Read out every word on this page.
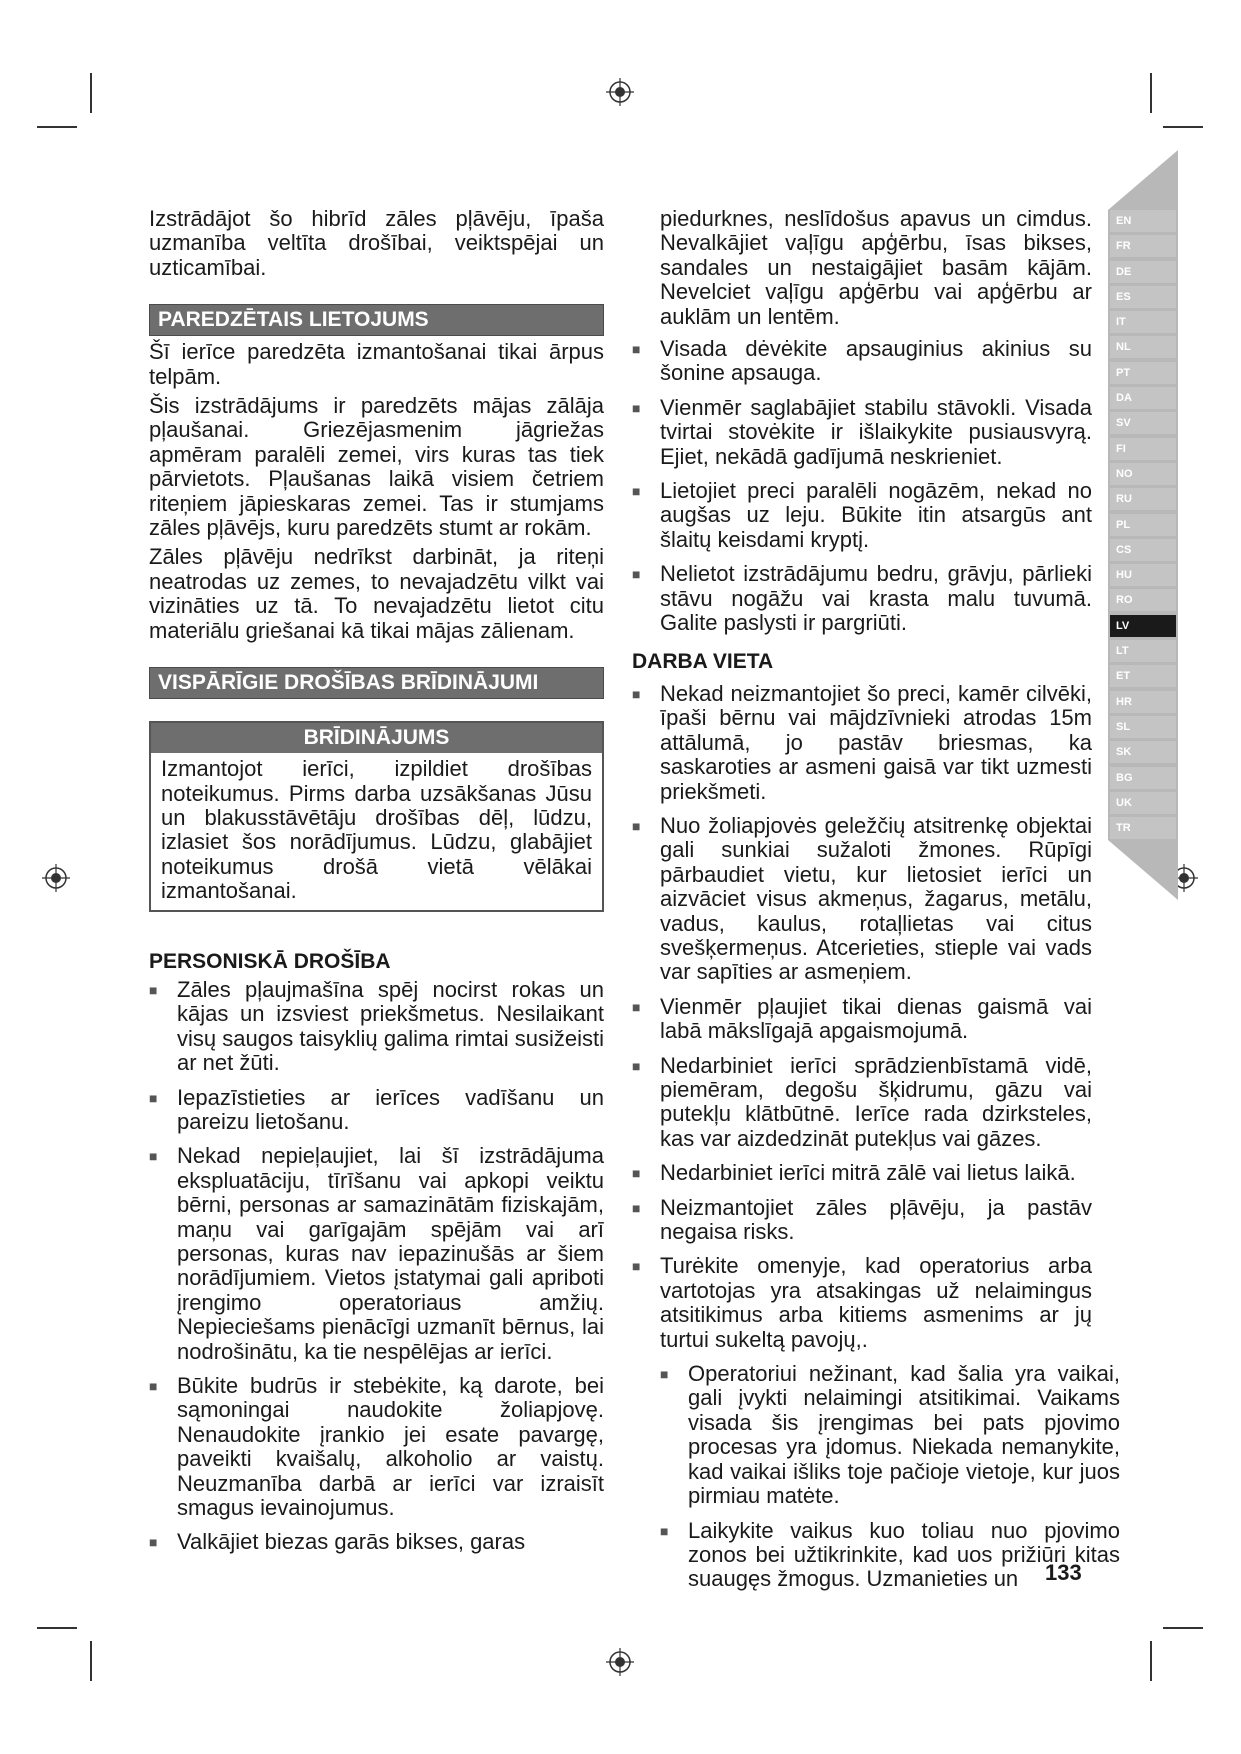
EN
FR
DE
ES
IT
NL
PT
DA
SV
FI
NO
RU
PL
CS
HU
RO
LV
LT
ET
HR
SL
SK
BG
UK
TR

Izstrādājot šo hibrīd zāles pļāvēju, īpaša uzmanība veltīta drošībai, veiktspējai un uzticamībai.

PAREDZĒTAIS LIETOJUMS

Šī ierīce paredzēta izmantošanai tikai ārpus telpām.

Šis izstrādājums ir paredzēts mājas zālāja pļaušanai. Griezējasmenim jāgriežas apmēram paralēli zemei, virs kuras tas tiek pārvietots. Pļaušanas laikā visiem četriem riteņiem jāpieskaras zemei. Tas ir stumjams zāles pļāvējs, kuru paredzēts stumt ar rokām.

Zāles pļāvēju nedrīkst darbināt, ja riteņi neatrodas uz zemes, to nevajadzētu vilkt vai vizināties uz tā. To nevajadzētu lietot citu materiālu griešanai kā tikai mājas zālienam.

VISPĀRĪGIE DROŠĪBAS BRĪDINĀJUMI
BRĪDINĀJUMS
Izmantojot ierīci, izpildiet drošības noteikumus. Pirms darba uzsākšanas Jūsu un blakusstāvētāju drošības dēļ, lūdzu, izlasiet šos norādījumus. Lūdzu, glabājiet noteikumus drošā vietā vēlākai izmantošanai.
PERSONISKĀ DROŠĪBA
■ Zāles pļaujmašīna spēj nocirst rokas un kājas un izsviest priekšmetus. Nesilaikant visų saugos taisyklių galima rimtai susižeisti ar net žūti.
■ Iepazīstieties ar ierīces vadīšanu un pareizu lietošanu.
■ Nekad nepieļaujiet, lai šī izstrādājuma ekspluatāciju, tīrīšanu vai apkopi veiktu bērni, personas ar samazinātām fiziskajām, maņu vai garīgajām spējām vai arī personas, kuras nav iepazinušās ar šiem norādījumiem. Vietos įstatymai gali apriboti įrengimo operatoriaus amžių. Nepieciešams pienācīgi uzmanīt bērnus, lai nodrošinātu, ka tie nespēlējas ar ierīci.
■ Būkite budrūs ir stebėkite, ką darote, bei sąmoningai naudokite žoliapjovę. Nenaudokite įrankio jei esate pavargę, paveikti kvaišalų, alkoholio ar vaistų. Neuzmanība darbā ar ierīci var izraisīt smagus ievainojumus.
■ Valkājiet biezas garās bikses, garas

piedurknes, neslīdošus apavus un cimdus. Nevalkājiet vaļīgu apģērbu, īsas bikses, sandales un nestaigājiet basām kājām. Nevelciet vaļīgu apģērbu vai apģērbu ar auklām un lentēm.

■ Visada dėvėkite apsauginius akinius su šonine apsauga.
■ Vienmēr saglabājiet stabilu stāvokli. Visada tvirtai stovėkite ir išlaikykite pusiausvyrą. Ejiet, nekādā gadījumā neskrieniet.
■ Lietojiet preci paralēli nogāzēm, nekad no augšas uz leju. Būkite itin atsargūs ant šlaitų keisdami kryptį.
■ Nelietot izstrādājumu bedru, grāvju, pārlieki stāvu nogāžu vai krasta malu tuvumā. Galite paslysti ir pargriūti.
DARBA VIETA
■ Nekad neizmantojiet šo preci, kamēr cilvēki, īpaši bērnu vai mājdzīvnieki atrodas 15m attālumā, jo pastāv briesmas, ka saskaroties ar asmeni gaisā var tikt uzmesti priekšmeti.
■ Nuo žoliapjovės geležčių atsitrenkę objektai gali sunkiai sužaloti žmones. Rūpīgi pārbaudiet vietu, kur lietosiet ierīci un aizvāciet visus akmeņus, žagarus, metālu, vadus, kaulus, rotaļlietas vai citus svešķermeņus. Atcerieties, stieple vai vads var sapīties ar asmeņiem.
■ Vienmēr pļaujiet tikai dienas gaismā vai labā mākslīgajā apgaismojumā.
■ Nedarbiniet ierīci sprādzienbīstamā vidē, piemēram, degošu šķidrumu, gāzu vai putekļu klātbūtnē. Ierīce rada dzirksteles, kas var aizdedzināt putekļus vai gāzes.
■ Nedarbiniet ierīci mitrā zālē vai lietus laikā.
■ Neizmantojiet zāles pļāvēju, ja pastāv negaisa risks.
■ Turėkite omenyje, kad operatorius arba vartotojas yra atsakingas už nelaimingus atsitikimus arba kitiems asmenims ar jų turtui sukeltą pavojų,.
■ Operatoriui nežinant, kad šalia yra vaikai, gali įvykti nelaimingi atsitikimai. Vaikams visada šis įrengimas bei pats pjovimo procesas yra įdomus. Niekada nemanykite, kad vaikai išliks toje pačioje vietoje, kur juos pirmiau matėte.
■ Laikykite vaikus kuo toliau nuo pjovimo zonos bei užtikrinkite, kad uos prižiūri kitas suaugęs žmogus. Uzmanieties un	133
